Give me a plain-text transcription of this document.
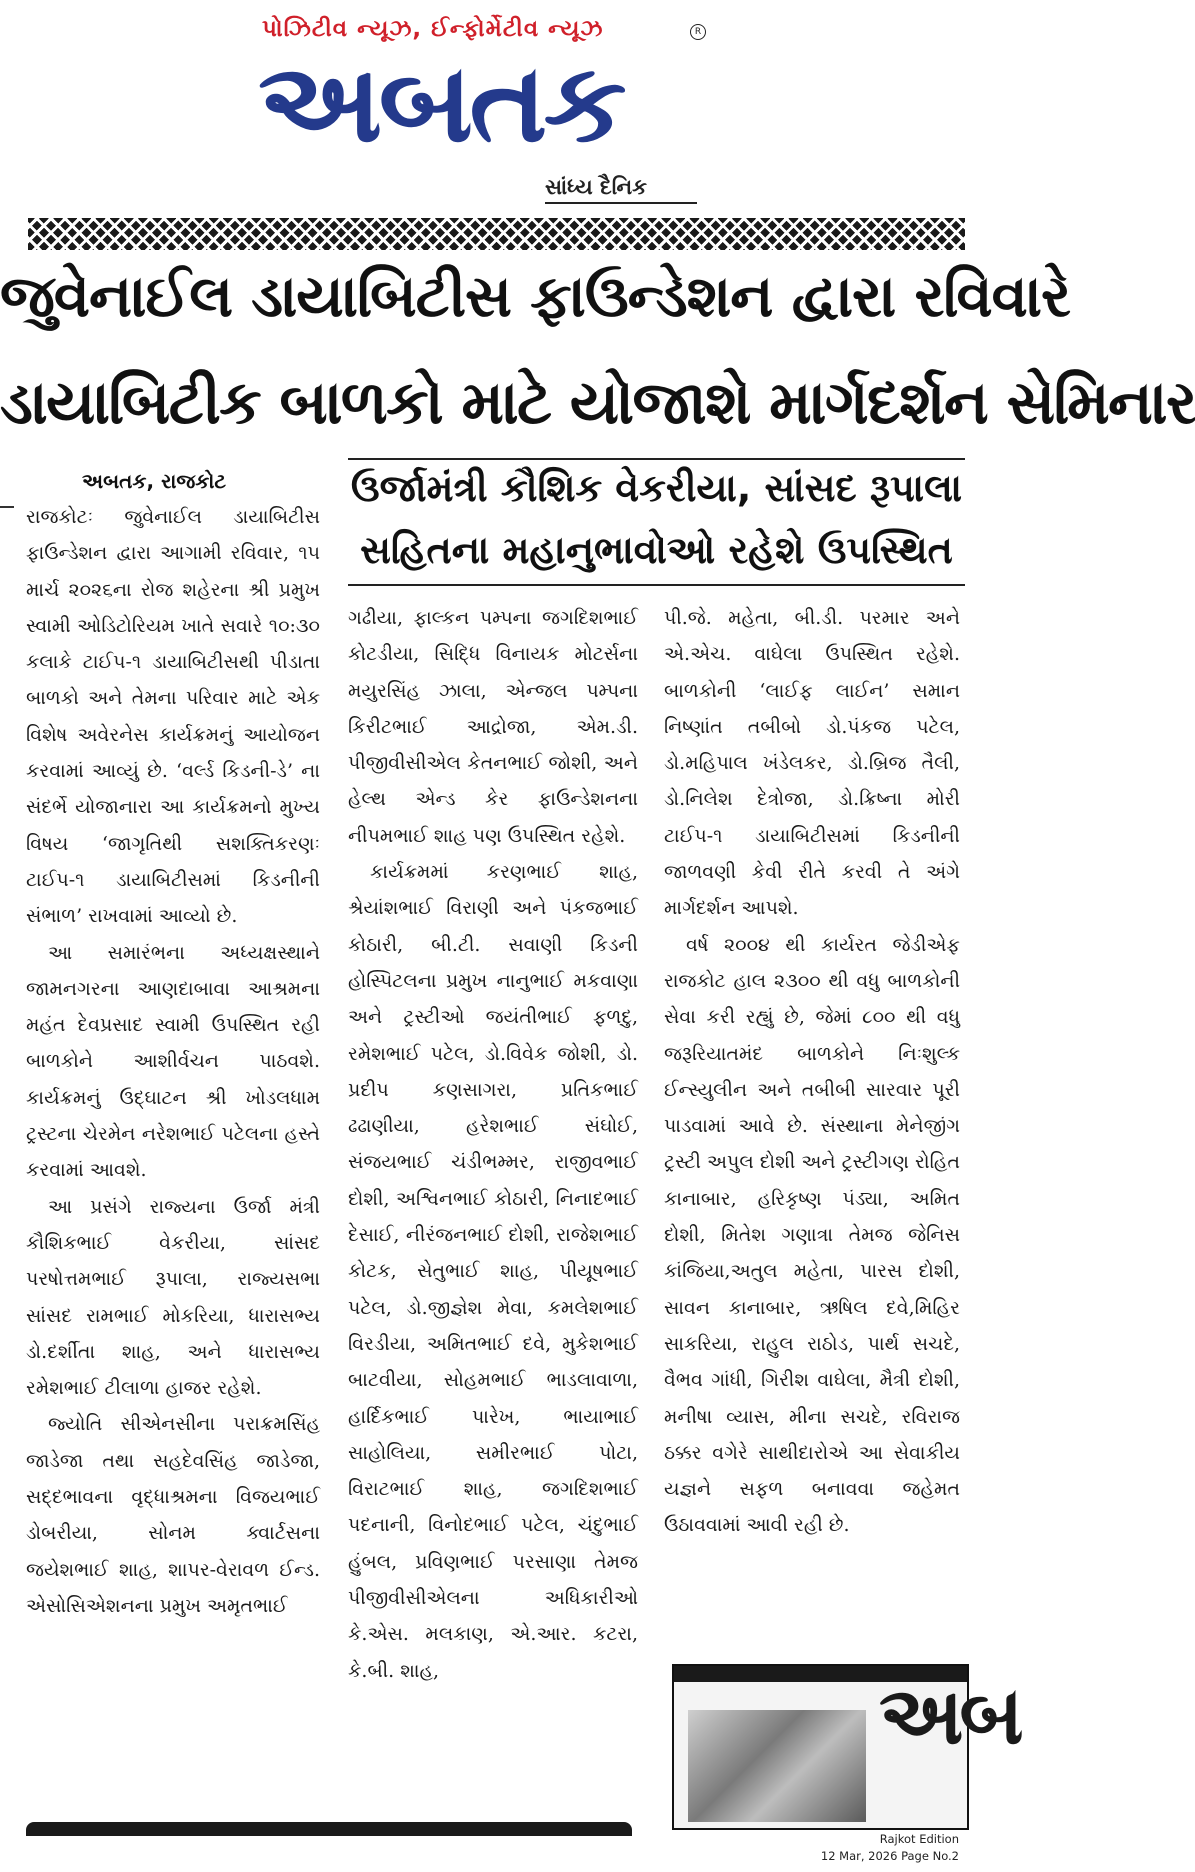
પોઝિટીવ ન્યૂઝ, ઈન્ફોર્મેટીવ ન્યૂઝ	R
અબતક
સાંધ્ય દૈનિક
જુવેનાઈલ ડાયાબિટીસ ફાઉન્ડેશન દ્વારા રવિવારે
ડાયાબિટીક બાળકો માટે યોજાશે માર્ગદર્શન સેમિનાર
ઉર્જામંત્રી કૌશિક વેકરીયા, સાંસદ રૂપાલા
સહિતના મહાનુભાવોઓ રહેશે ઉપસ્થિત
અબતક, રાજકોટ

રાજકોટઃ જુવેનાઈલ ડાયાબિટીસ ફાઉન્ડેશન દ્વારા આગામી રવિવાર, ૧૫ માર્ચ ૨૦૨૬ના રોજ શહેરના શ્રી પ્રમુખ સ્વામી ઓડિટોરિયમ ખાતે સવારે ૧૦:૩૦ કલાકે ટાઈપ-૧ ડાયાબિટીસથી પીડાતા બાળકો અને તેમના પરિવાર માટે એક વિશેષ અવેરનેસ કાર્યક્રમનું આયોજન કરવામાં આવ્યું છે. ‘વર્લ્ડ કિડની-ડે’ ના સંદર્ભે યોજાનારા આ કાર્યક્રમનો મુખ્ય વિષય ‘જાગૃતિથી સશક્તિકરણઃ ટાઈપ-૧ ડાયાબિટીસમાં કિડનીની સંભાળ’ રાખવામાં આવ્યો છે.

આ સમારંભના અધ્યક્ષસ્થાને જામનગરના આણદાબાવા આશ્રમના મહંત દેવપ્રસાદ સ્વામી ઉપસ્થિત રહી બાળકોને આશીર્વચન પાઠવશે. કાર્યક્રમનું ઉદ્ઘાટન શ્રી ખોડલધામ ટ્રસ્ટના ચેરમેન નરેશભાઈ પટેલના હસ્તે કરવામાં આવશે.

આ પ્રસંગે રાજ્યના ઉર્જા મંત્રી કૌશિકભાઈ વેકરીયા, સાંસદ પરષોત્તમભાઈ રૂપાલા, રાજ્યસભા સાંસદ રામભાઈ મોકરિયા, ધારાસભ્ય ડો.દર્શીતા શાહ, અને ધારાસભ્ય રમેશભાઈ ટીલાળા હાજર રહેશે.

જ્યોતિ સીએનસીના પરાક્રમસિંહ જાડેજા તથા સહદેવસિંહ જાડેજા, સદ્દભાવના વૃદ્ધાશ્રમના વિજયભાઈ ડોબરીયા, સોનમ ક્વાર્ટસના જયેશભાઈ શાહ, શાપર-વેરાવળ ઈન્ડ. એસોસિએશનના પ્રમુખ અમૃતભાઈ

ગઢીયા, ફાલ્કન પમ્પના જગદિશભાઈ કોટડીયા, સિદ્ધિ વિનાયક મોટર્સના મયુરસિંહ ઝાલા, એન્જલ પમ્પના કિરીટભાઈ આદ્રોજા, એમ.ડી. પીજીવીસીએલ કેતનભાઈ જોશી, અને હેલ્થ એન્ડ કેર ફાઉન્ડેશનના નીપમભાઈ શાહ પણ ઉપસ્થિત રહેશે.

કાર્યક્રમમાં કરણભાઈ શાહ, શ્રેયાંશભાઈ વિરાણી અને પંકજભાઈ કોઠારી, બી.ટી. સવાણી કિડની હોસ્પિટલના પ્રમુખ નાનુભાઈ મકવાણા અને ટ્રસ્ટીઓ જયંતીભાઈ ફળદુ, રમેશભાઈ પટેલ, ડો.વિવેક જોશી, ડો. પ્રદીપ કણસાગરા, પ્રતિકભાઈ ઢઢાણીયા, હરેશભાઈ સંઘોઈ, સંજયભાઈ ચંડીભમ્મર, રાજીવભાઈ દોશી, અશ્વિનભાઈ કોઠારી, નિનાદભાઈ દેસાઈ, નીરંજનભાઈ દોશી, રાજેશભાઈ કોટક, સેતુભાઈ શાહ, પીયૂષભાઈ પટેલ, ડો.જીજ્ઞેશ મેવા, કમલેશભાઈ વિરડીયા, અમિતભાઈ દવે, મુકેશભાઈ બાટવીયા, સોહમભાઈ ભાડલાવાળા, હાર્દિકભાઈ પારેખ, ભાયાભાઈ સાહોલિયા, સમીરભાઈ પોટા, વિરાટભાઈ શાહ, જગદિશભાઈ પદનાની, વિનોદભાઈ પટેલ, ચંદુભાઈ હુંબલ, પ્રવિણભાઈ પરસાણા તેમજ પીજીવીસીએલના અધિકારીઓ કે.એસ. મલકાણ, એ.આર. કટરા, કે.બી. શાહ,

પી.જે. મહેતા, બી.ડી. પરમાર અને એ.એચ. વાઘેલા ઉપસ્થિત રહેશે. બાળકોની ‘લાઈફ લાઈન’ સમાન નિષ્ણાંત તબીબો ડો.પંકજ પટેલ, ડો.મહિપાલ ખંડેલકર, ડો.બ્રિજ તૈલી, ડો.નિલેશ દેત્રોજા, ડો.ક્રિષ્ના મોરી ટાઈપ-૧ ડાયાબિટીસમાં કિડનીની જાળવણી કેવી રીતે કરવી તે અંગે માર્ગદર્શન આપશે.

વર્ષ ૨૦૦૪ થી કાર્યરત જેડીએફ રાજકોટ હાલ ૨૩૦૦ થી વધુ બાળકોની સેવા કરી રહ્યું છે, જેમાં ૮૦૦ થી વધુ જરૂરિયાતમંદ બાળકોને નિઃશુલ્ક ઈન્સ્યુલીન અને તબીબી સારવાર પૂરી પાડવામાં આવે છે. સંસ્થાના મેનેજીંગ ટ્રસ્ટી અપુલ દોશી અને ટ્રસ્ટીગણ રોહિત કાનાબાર, હરિકૃષ્ણ પંડ્યા, અમિત દોશી, મિતેશ ગણાત્રા તેમજ જેનિસ કાંજિયા,અતુલ મહેતા, પારસ દોશી, સાવન કાનાબાર, ઋષિલ દવે,મિહિર સાકરિયા, રાહુલ રાઠોડ, પાર્થ સચદે, વૈભવ ગાંધી, ગિરીશ વાઘેલા, મૈત્રી દોશી, મનીષા વ્યાસ, મીના સચદે, રવિરાજ ઠક્કર વગેરે સાથીદારોએ આ સેવાકીય યજ્ઞને સફળ બનાવવા જહેમત ઉઠાવવામાં આવી રહી છે.

અબ
Rajkot Edition
12 Mar, 2026 Page No.2
